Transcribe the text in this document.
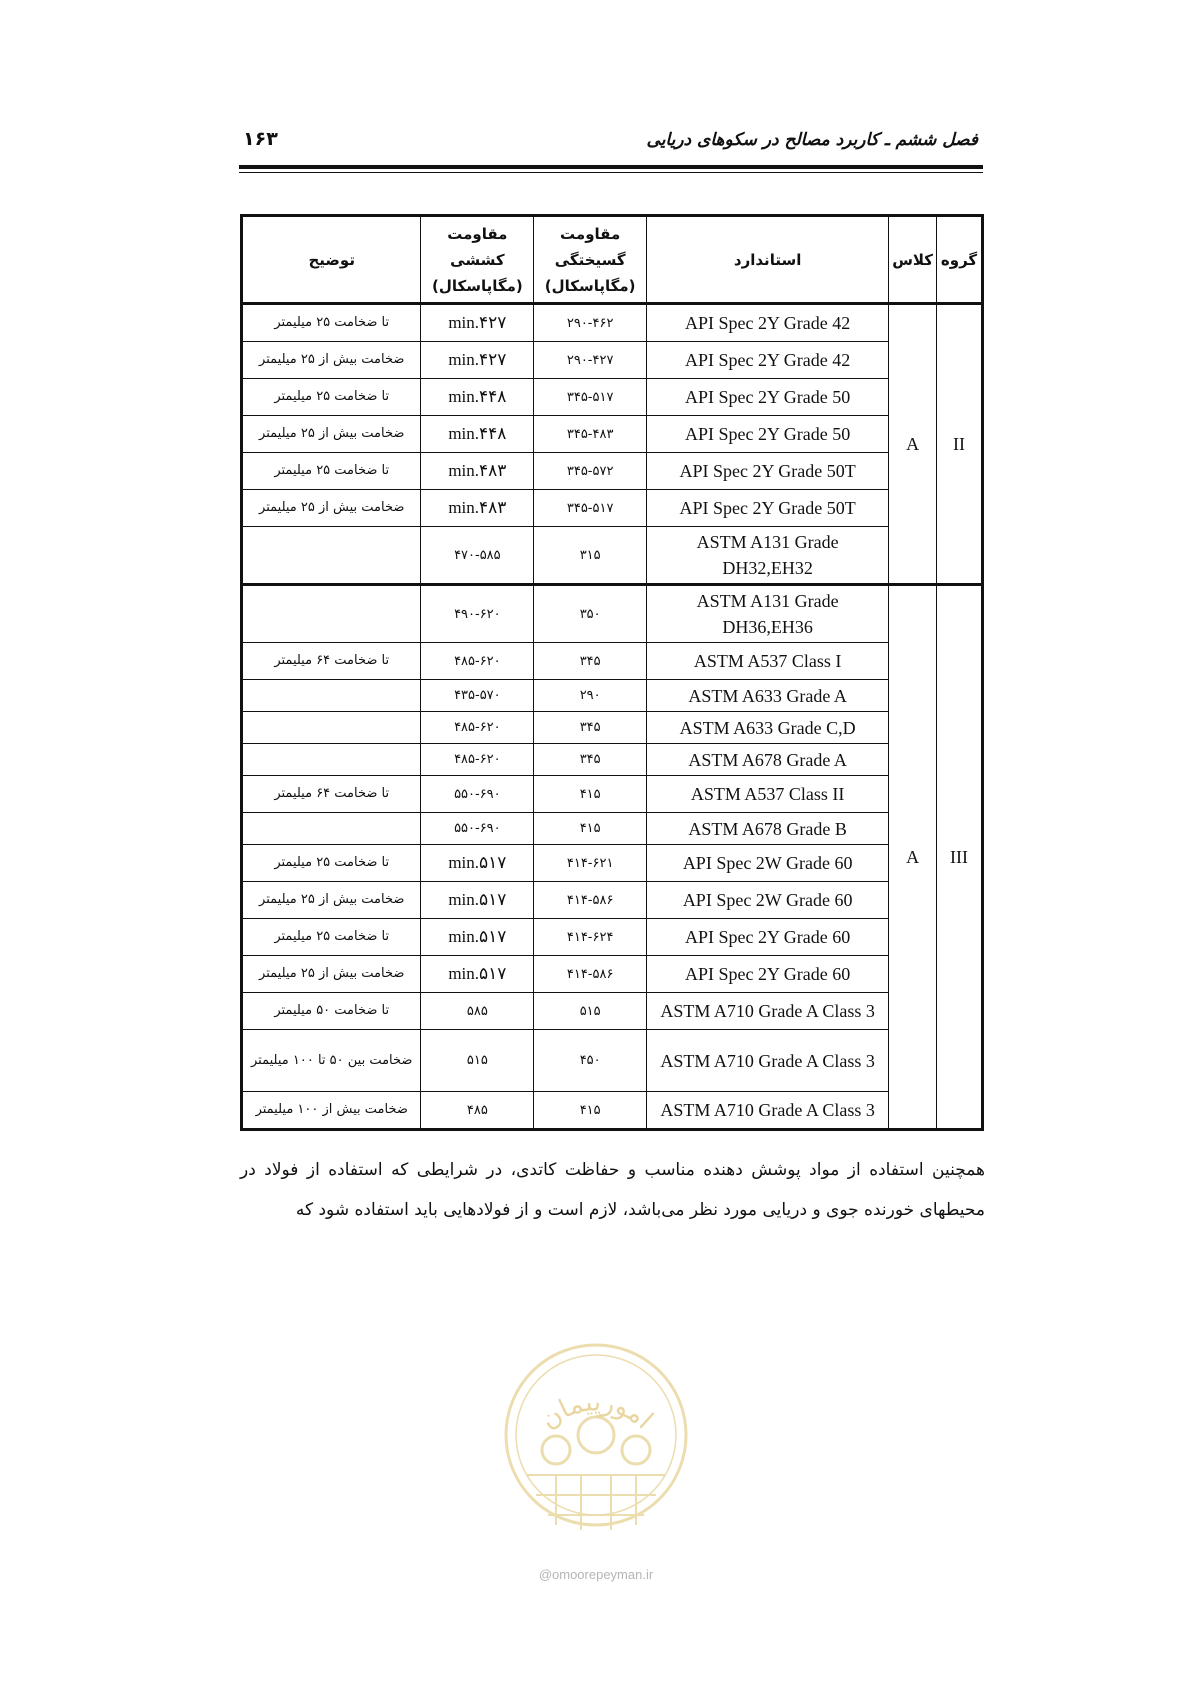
۱۶۳	فصل ششم ـ کاربرد مصالح در سکوهای دریایی
گروه	کلاس	استاندارد	مقاومت گسیختگی (مگاپاسکال)	مقاومت کششی (مگاپاسکال)	توضیح
II	A	API Spec 2Y Grade 42	۲۹۰-۴۶۲	min.۴۲۷	تا ضخامت ۲۵ میلیمتر
		API Spec 2Y Grade 42	۲۹۰-۴۲۷	min.۴۲۷	ضخامت بیش از ۲۵ میلیمتر
		API Spec 2Y Grade 50	۳۴۵-۵۱۷	min.۴۴۸	تا ضخامت ۲۵ میلیمتر
		API Spec 2Y Grade 50	۳۴۵-۴۸۳	min.۴۴۸	ضخامت بیش از ۲۵ میلیمتر
		API Spec 2Y Grade 50T	۳۴۵-۵۷۲	min.۴۸۳	تا ضخامت ۲۵ میلیمتر
		API Spec 2Y Grade 50T	۳۴۵-۵۱۷	min.۴۸۳	ضخامت بیش از ۲۵ میلیمتر
		ASTM A131 Grade DH32,EH32	۳۱۵	۴۷۰-۵۸۵	
III	A	ASTM A131 Grade DH36,EH36	۳۵۰	۴۹۰-۶۲۰	
		ASTM A537 Class I	۳۴۵	۴۸۵-۶۲۰	تا ضخامت ۶۴ میلیمتر
		ASTM A633 Grade A	۲۹۰	۴۳۵-۵۷۰	
		ASTM A633 Grade C,D	۳۴۵	۴۸۵-۶۲۰	
		ASTM A678 Grade A	۳۴۵	۴۸۵-۶۲۰	
		ASTM A537 Class II	۴۱۵	۵۵۰-۶۹۰	تا ضخامت ۶۴ میلیمتر
		ASTM A678 Grade B	۴۱۵	۵۵۰-۶۹۰	
		API Spec 2W Grade 60	۴۱۴-۶۲۱	min.۵۱۷	تا ضخامت ۲۵ میلیمتر
		API Spec 2W Grade 60	۴۱۴-۵۸۶	min.۵۱۷	ضخامت بیش از ۲۵ میلیمتر
		API Spec 2Y Grade 60	۴۱۴-۶۲۴	min.۵۱۷	تا ضخامت ۲۵ میلیمتر
		API Spec 2Y Grade 60	۴۱۴-۵۸۶	min.۵۱۷	ضخامت بیش از ۲۵ میلیمتر
		ASTM A710 Grade A Class 3	۵۱۵	۵۸۵	تا ضخامت ۵۰ میلیمتر
		ASTM A710 Grade A Class 3	۴۵۰	۵۱۵	ضخامت بین ۵۰ تا ۱۰۰ میلیمتر
		ASTM A710 Grade A Class 3	۴۱۵	۴۸۵	ضخامت بیش از ۱۰۰ میلیمتر
همچنین استفاده از مواد پوشش دهنده مناسب و حفاظت کاتدی، در شرایطی که استفاده از فولاد در محیطهای خورنده جوی و دریایی مورد نظر می‌باشد، لازم است و از فولادهایی باید استفاده شود که
امورپیمان
@omoorepeyman.ir
